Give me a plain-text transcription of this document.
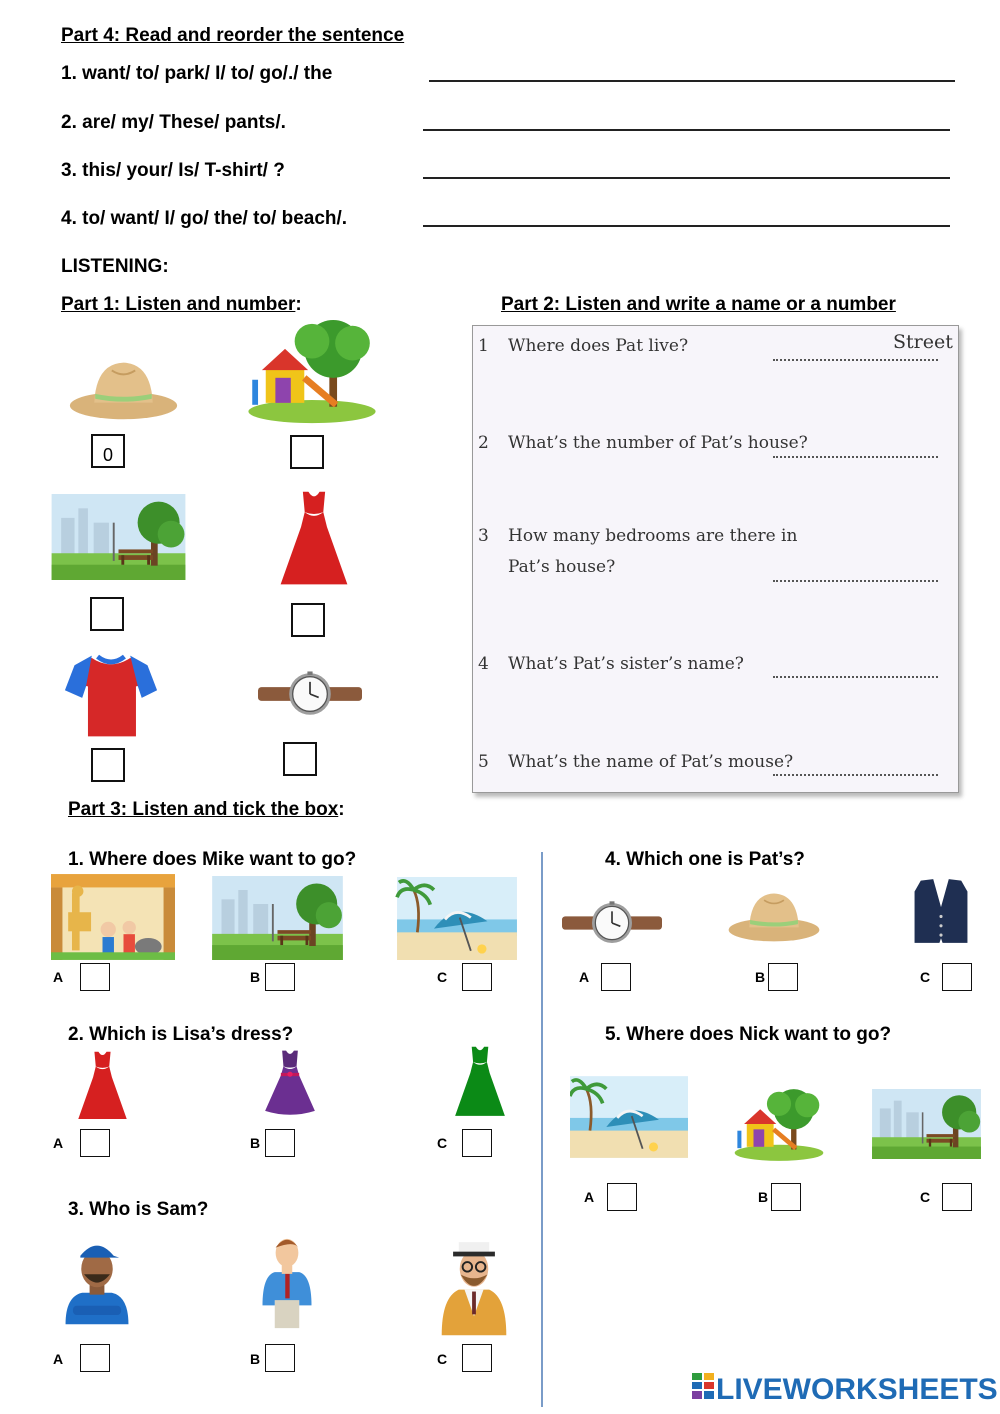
Part 4: Read and reorder the sentence
1. want/ to/ park/ I/ to/ go/./ the
2. are/ my/ These/ pants/.
3. this/ your/ Is/ T-shirt/ ?
4. to/ want/ I/ go/ the/ to/ beach/.
LISTENING:
Part 1: Listen and number:
0
Part 2: Listen and write a name or a number
1 Where does Pat live?	Street
2 What’s the number of Pat’s house?
3 How many bedrooms are there in
Pat’s house?
4 What’s Pat’s sister’s name?
5 What’s the name of Pat’s mouse?
Part 3: Listen and tick the box:
1. Where does Mike want to go?
A	B	C
2. Which is Lisa’s dress?
A	B	C
3. Who is Sam?
A	B	C
4. Which one is Pat’s?
A	B	C
5. Where does Nick want to go?
A	B	C
LIVEWORKSHEETS
